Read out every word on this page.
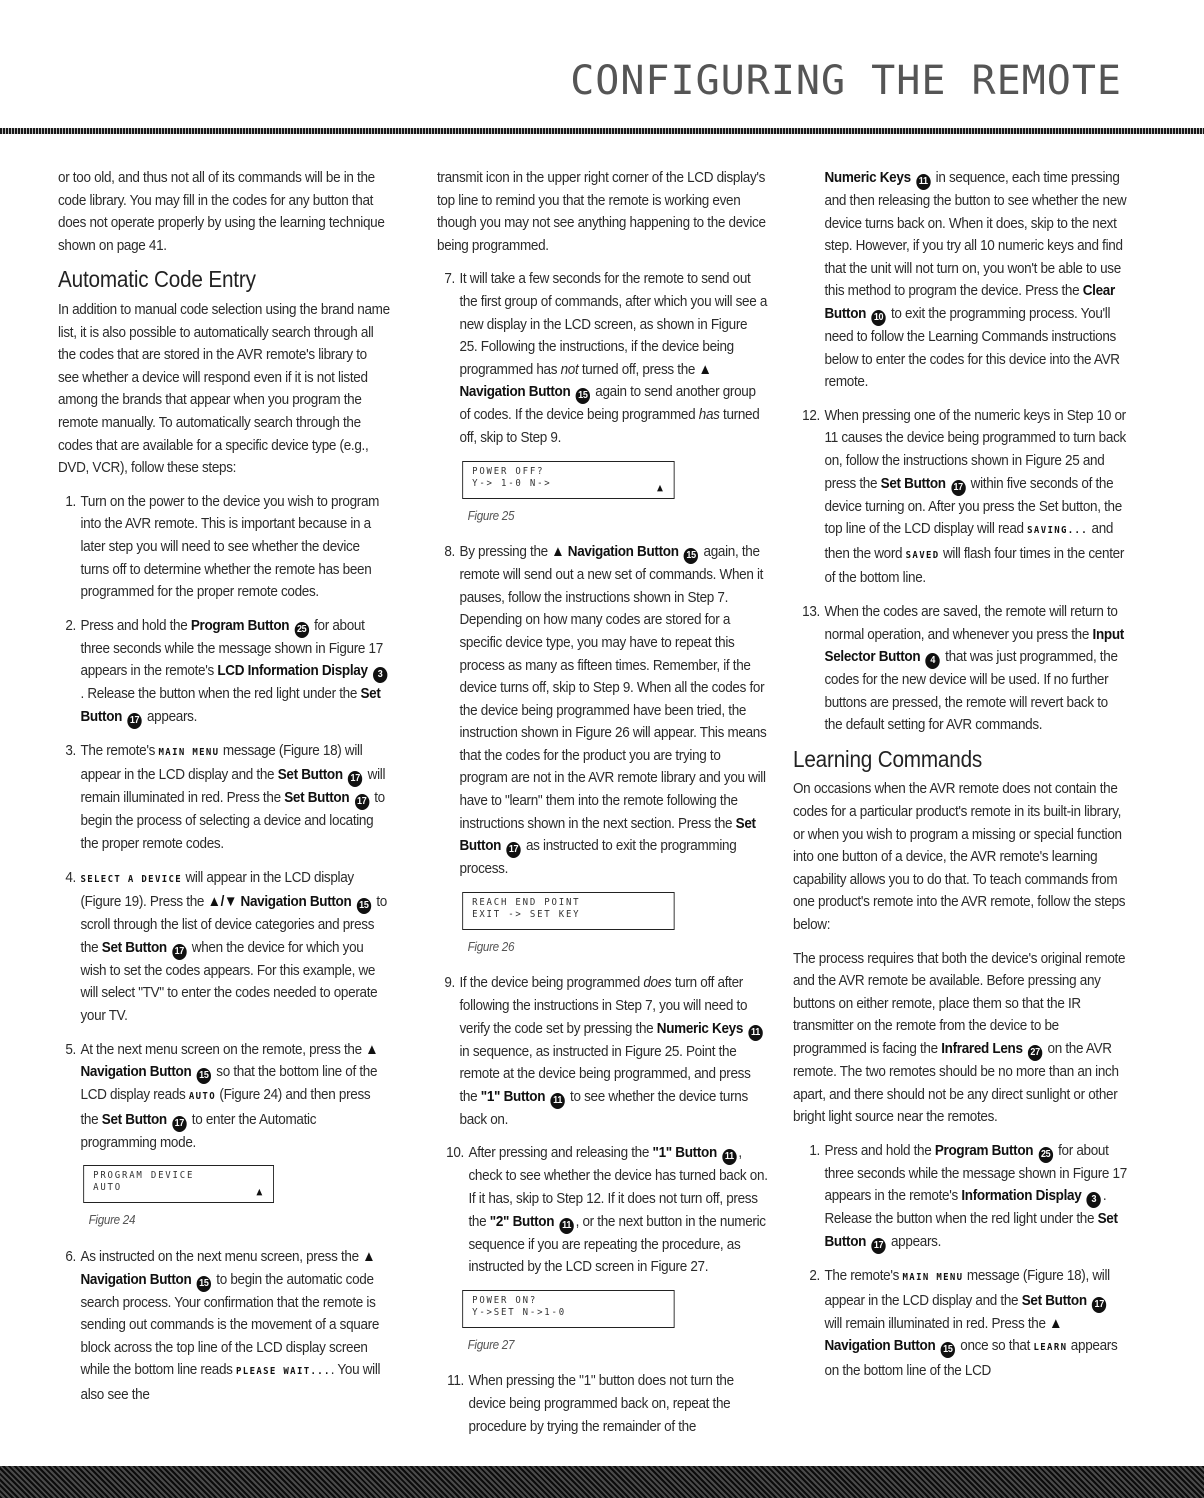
CONFIGURING THE REMOTE

or too old, and thus not all of its commands will be in the code library. You may fill in the codes for any button that does not operate properly by using the learning technique shown on page 41.

Automatic Code Entry

In addition to manual code selection using the brand name list, it is also possible to automatically search through all the codes that are stored in the AVR remote's library to see whether a device will respond even if it is not listed among the brands that appear when you program the remote manually. To automatically search through the codes that are available for a specific device type (e.g., DVD, VCR), follow these steps:

1. Turn on the power to the device you wish to program into the AVR remote. This is important because in a later step you will need to see whether the device turns off to determine whether the remote has been programmed for the proper remote codes.
2. Press and hold the Program Button 25 for about three seconds while the message shown in Figure 17 appears in the remote's LCD Information Display 3. Release the button when the red light under the Set Button 17 appears.
3. The remote's MAIN MENU message (Figure 18) will appear in the LCD display and the Set Button 17 will remain illuminated in red. Press the Set Button 17 to begin the process of selecting a device and locating the proper remote codes.
4. SELECT A DEVICE will appear in the LCD display (Figure 19). Press the ▲/▼ Navigation Button 15 to scroll through the list of device categories and press the Set Button 17 when the device for which you wish to set the codes appears. For this example, we will select "TV" to enter the codes needed to operate your TV.
5. At the next menu screen on the remote, press the ▲ Navigation Button 15 so that the bottom line of the LCD display reads AUTO (Figure 24) and then press the Set Button 17 to enter the Automatic programming mode.
PROGRAM DEVICE
AUTO	▲
Figure 24
6. As instructed on the next menu screen, press the ▲ Navigation Button 15 to begin the automatic code search process. Your confirmation that the remote is sending out commands is the movement of a square block across the top line of the LCD display screen while the bottom line reads PLEASE WAIT.... You will also see the

transmit icon in the upper right corner of the LCD display's top line to remind you that the remote is working even though you may not see anything happening to the device being programmed.

7. It will take a few seconds for the remote to send out the first group of commands, after which you will see a new display in the LCD screen, as shown in Figure 25. Following the instructions, if the device being programmed has not turned off, press the ▲ Navigation Button 15 again to send another group of codes. If the device being programmed has turned off, skip to Step 9.
POWER OFF?
Y-> 1-0 N->	▲
Figure 25
8. By pressing the ▲ Navigation Button 15 again, the remote will send out a new set of commands. When it pauses, follow the instructions shown in Step 7. Depending on how many codes are stored for a specific device type, you may have to repeat this process as many as fifteen times. Remember, if the device turns off, skip to Step 9. When all the codes for the device being programmed have been tried, the instruction shown in Figure 26 will appear. This means that the codes for the product you are trying to program are not in the AVR remote library and you will have to "learn" them into the remote following the instructions shown in the next section. Press the Set Button 17 as instructed to exit the programming process.
REACH END POINT
EXIT -> SET KEY
Figure 26
9. If the device being programmed does turn off after following the instructions in Step 7, you will need to verify the code set by pressing the Numeric Keys 11 in sequence, as instructed in Figure 25. Point the remote at the device being programmed, and press the "1" Button 11 to see whether the device turns back on.
10. After pressing and releasing the "1" Button 11 , check to see whether the device has turned back on. If it has, skip to Step 12. If it does not turn off, press the "2" Button 11 , or the next button in the numeric sequence if you are repeating the procedure, as instructed by the LCD screen in Figure 27.
POWER ON?
Y->SET N->1-0
Figure 27
11. When pressing the "1" button does not turn the device being programmed back on, repeat the procedure by trying the remainder of the
Numeric Keys 11 in sequence, each time pressing and then releasing the button to see whether the new device turns back on. When it does, skip to the next step. However, if you try all 10 numeric keys and find that the unit will not turn on, you won't be able to use this method to program the device. Press the Clear Button 10 to exit the programming process. You'll need to follow the Learning Commands instructions below to enter the codes for this device into the AVR remote.
12. When pressing one of the numeric keys in Step 10 or 11 causes the device being programmed to turn back on, follow the instructions shown in Figure 25 and press the Set Button 17 within five seconds of the device turning on. After you press the Set button, the top line of the LCD display will read SAVING... and then the word SAVED will flash four times in the center of the bottom line.
13. When the codes are saved, the remote will return to normal operation, and whenever you press the Input Selector Button 4 that was just programmed, the codes for the new device will be used. If no further buttons are pressed, the remote will revert back to the default setting for AVR commands.
Learning Commands

On occasions when the AVR remote does not contain the codes for a particular product's remote in its built-in library, or when you wish to program a missing or special function into one button of a device, the AVR remote's learning capability allows you to do that. To teach commands from one product's remote into the AVR remote, follow the steps below:

The process requires that both the device's original remote and the AVR remote be available. Before pressing any buttons on either remote, place them so that the IR transmitter on the remote from the device to be programmed is facing the Infrared Lens 27 on the AVR remote. The two remotes should be no more than an inch apart, and there should not be any direct sunlight or other bright light source near the remotes.

1. Press and hold the Program Button 25 for about three seconds while the message shown in Figure 17 appears in the remote's Information Display 3 . Release the button when the red light under the Set Button 17 appears.
2. The remote's MAIN MENU message (Figure 18), will appear in the LCD display and the Set Button 17 will remain illuminated in red. Press the ▲ Navigation Button 15 once so that LEARN appears on the bottom line of the LCD
